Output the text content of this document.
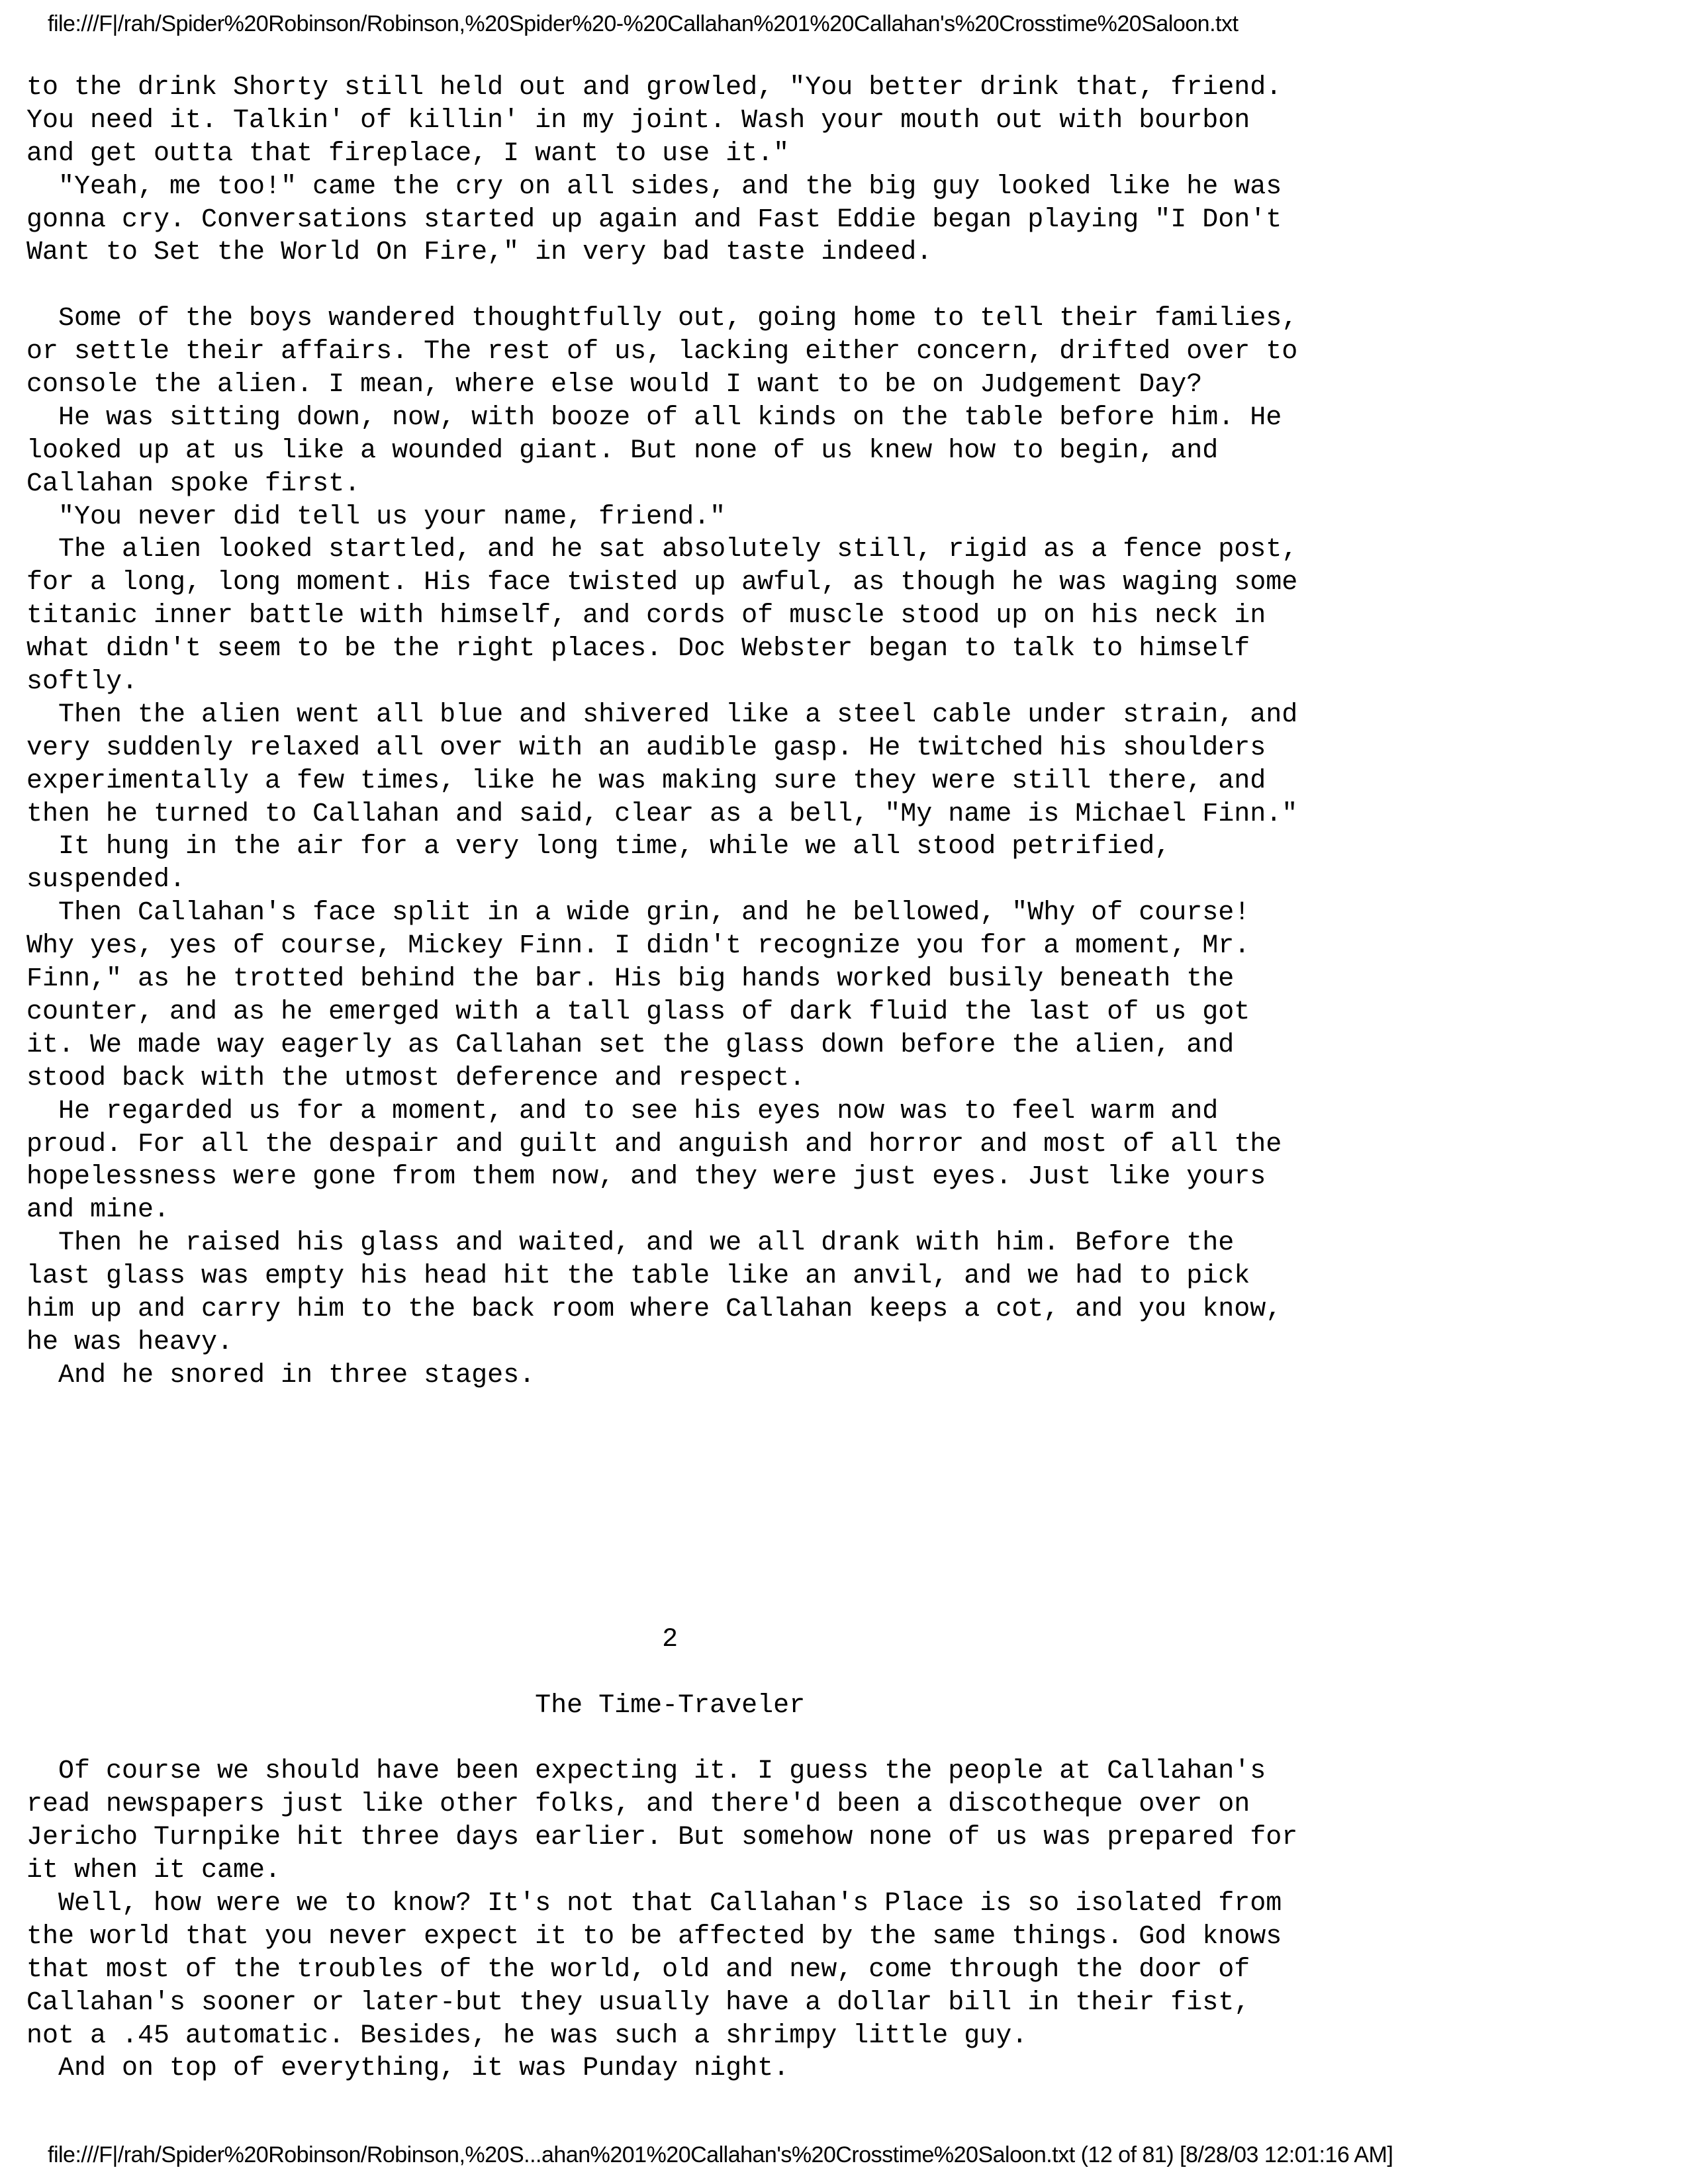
file:///F|/rah/Spider%20Robinson/Robinson,%20Spider%20-%20Callahan%201%20Callahan's%20Crosstime%20Saloon.txt
to the drink Shorty still held out and growled, "You better drink that, friend.
You need it. Talkin' of killin' in my joint. Wash your mouth out with bourbon
and get outta that fireplace, I want to use it."
"Yeah, me too!" came the cry on all sides, and the big guy looked like he was
gonna cry. Conversations started up again and Fast Eddie began playing "I Don't
Want to Set the World On Fire," in very bad taste indeed.
Some of the boys wandered thoughtfully out, going home to tell their families,
or settle their affairs. The rest of us, lacking either concern, drifted over to
console the alien. I mean, where else would I want to be on Judgement Day?
He was sitting down, now, with booze of all kinds on the table before him. He
looked up at us like a wounded giant. But none of us knew how to begin, and
Callahan spoke first.
"You never did tell us your name, friend."
The alien looked startled, and he sat absolutely still, rigid as a fence post,
for a long, long moment. His face twisted up awful, as though he was waging some
titanic inner battle with himself, and cords of muscle stood up on his neck in
what didn't seem to be the right places. Doc Webster began to talk to himself
softly.
Then the alien went all blue and shivered like a steel cable under strain, and
very suddenly relaxed all over with an audible gasp. He twitched his shoulders
experimentally a few times, like he was making sure they were still there, and
then he turned to Callahan and said, clear as a bell, "My name is Michael Finn."
It hung in the air for a very long time, while we all stood petrified,
suspended.
Then Callahan's face split in a wide grin, and he bellowed, "Why of course!
Why yes, yes of course, Mickey Finn. I didn't recognize you for a moment, Mr.
Finn," as he trotted behind the bar. His big hands worked busily beneath the
counter, and as he emerged with a tall glass of dark fluid the last of us got
it. We made way eagerly as Callahan set the glass down before the alien, and
stood back with the utmost deference and respect.
He regarded us for a moment, and to see his eyes now was to feel warm and
proud. For all the despair and guilt and anguish and horror and most of all the
hopelessness were gone from them now, and they were just eyes. Just like yours
and mine.
Then he raised his glass and waited, and we all drank with him. Before the
last glass was empty his head hit the table like an anvil, and we had to pick
him up and carry him to the back room where Callahan keeps a cot, and you know,
he was heavy.
And he snored in three stages.
2
The Time-Traveler
Of course we should have been expecting it. I guess the people at Callahan's
read newspapers just like other folks, and there'd been a discotheque over on
Jericho Turnpike hit three days earlier. But somehow none of us was prepared for
it when it came.
Well, how were we to know? It's not that Callahan's Place is so isolated from
the world that you never expect it to be affected by the same things. God knows
that most of the troubles of the world, old and new, come through the door of
Callahan's sooner or later-but they usually have a dollar bill in their fist,
not a .45 automatic. Besides, he was such a shrimpy little guy.
And on top of everything, it was Punday night.
file:///F|/rah/Spider%20Robinson/Robinson,%20S...ahan%201%20Callahan's%20Crosstime%20Saloon.txt (12 of 81) [8/28/03 12:01:16 AM]
